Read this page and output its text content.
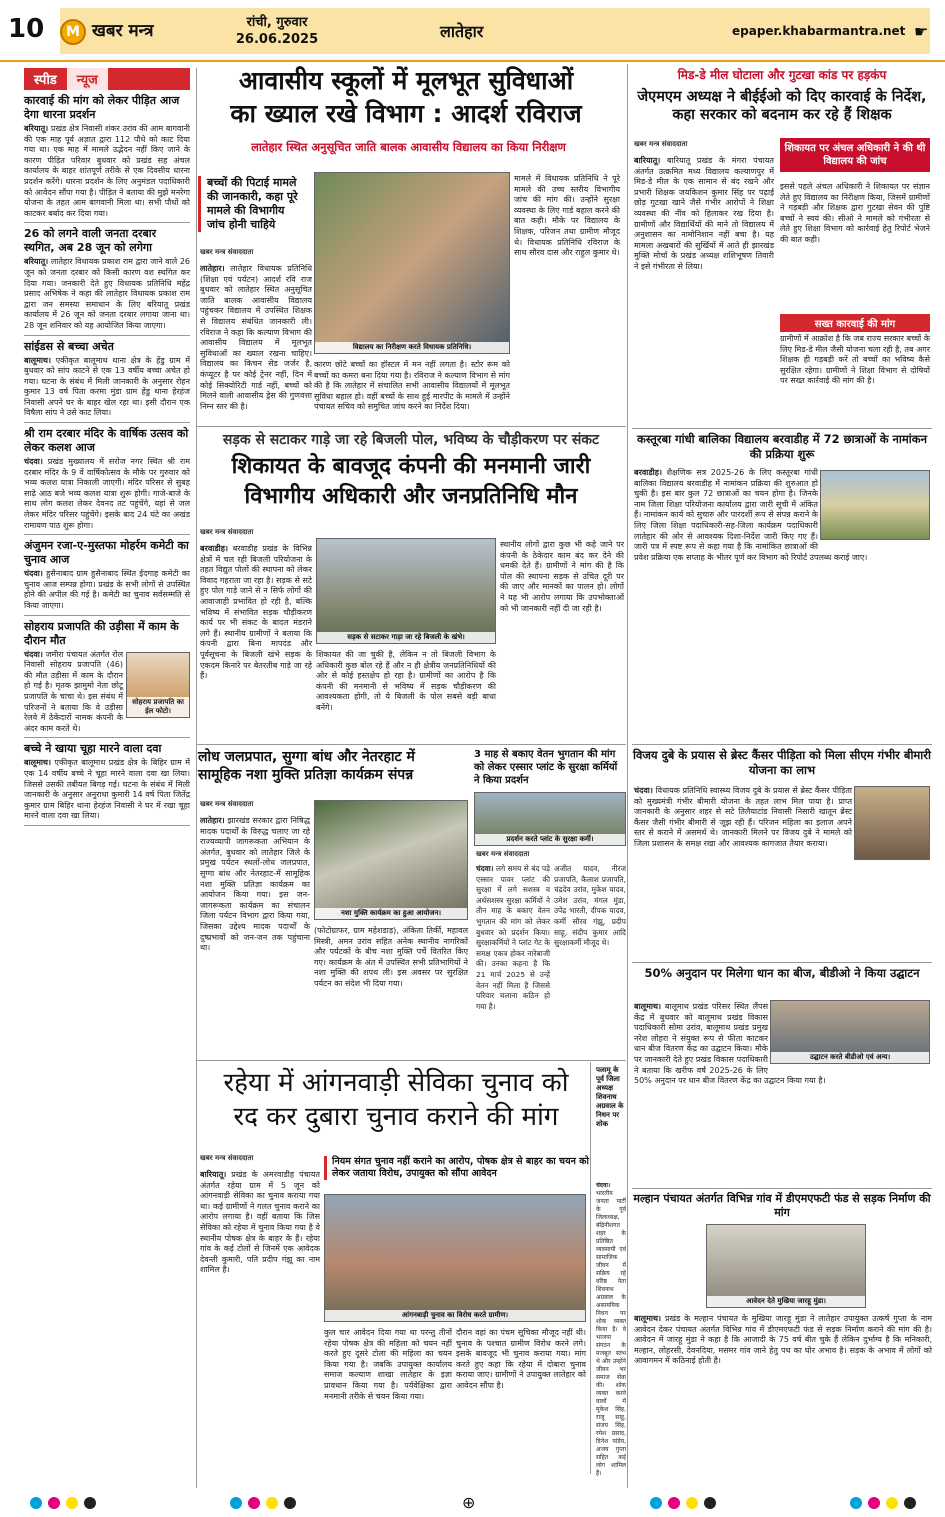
10	M खबर मन्त्र	रांची, गुरुवार
26.06.2025	लातेहार	epaper.khabarmantra.net ☛
स्पीड	न्यूज
कारवाई की मांग को लेकर पीड़ित आज देगा धारना प्रदर्शन
बरियातू। प्रखंड क्षेत्र निवासी शंकर उरांव की आम बागवानी की एक माह पूर्व अज्ञात द्वारा 112 पौधे को काट दिया गया था। एक माह में मामले उद्भेदन नहीं किए जाने के कारण पीड़ित परिवार बुधवार को प्रखंड सह अंचल कार्यालय के बाहर शांतपूर्ण तरीके से एक दिवसीय धारना प्रदर्शन करेंगे। धारना प्रदर्शन के लिए अनुमंडल पदाधिकारी को आवेदन सौंपा गया है। पीड़ित ने बताया की मुझे मनरेगा योजना के तहत आम बागवानी मिला था। सभी पौधों को काटकर बर्बाद कर दिया गया।
26 को लगने वाली जनता दरबार स्थगित, अब 28 जून को लगेगा
बरियातू। लातेहार विधायक प्रकाश राम द्वारा जाने वाले 26 जून को जनता दरबार को किसी कारण वश स्थगित कर दिया गया। जनकारी देते हुए विधायक प्रतिनिधि महेंद्र प्रसाद अभिषेक ने कहा की लातेहार विधायक प्रकाश राम द्वारा जन समस्या समाधान के लिए बरियातू प्रखंड कार्यालय में 26 जून को जनता दरबार लगाया जाना था। 28 जून शनिवार को यह आयोजित किया जाएगा।
सांईडस से बच्चा अचेत
बालूमाथ। एकीकृत बालूमाथ थाना क्षेत्र के हेंडु ग्राम में बुधवार को सांप काटने से एक 13 वर्षीय बच्चा अचेत हो गया। घटना के संबंध में मिली जानकारी के अनुसार रोहन कुमार 13 वर्ष पिता करमा मुंडा ग्राम हेंडु थाना हेरहंज निवासी अपने घर के बाहर खेल रहा था। इसी दौरान एक विषैला सांप ने उसे काट लिया।
श्री राम दरबार मंदिर के वार्षिक उत्सव को लेकर कलश आज
चंदवा। प्रखंड मुख्यालय में सरोज नगर स्थित श्री राम दरबार मंदिर के 9 वें वार्षिकोत्सव के मौके पर गुरुवार को भव्य कलश यात्रा निकाली जाएगी। मंदिर परिसर से सुबह साढ़े आठ बजे भव्य कलश यात्रा शुरू होगी। गाजे-बाजे के साथ लोग कलश लेकर देवनद तट पहुंचेंगे, यहां से जल लेकर मंदिर परिसर पहुंचेंगे। इसके बाद 24 घंटे का अखंड रामायण पाठ शुरू होगा।
अंजुमन रजा-ए-मुस्तफा मोहर्रम कमेटी का चुनाव आज
चंदवा। हुसैनाबाद ग्राम हुसैनाबाद स्थित ईदगाह कमेटी का चुनाव आज सम्पन्न होगा। प्रखंड के सभी लोगों से उपस्थित होने की अपील की गई है। कमेटी का चुनाव सर्वसम्मति से किया जाएगा।
सोहराय प्रजापति की उड़ीसा में काम के दौरान मौत
सोहराय प्रजापति का ईल फोटो।
चंदवा। जमीरा पंचायत अंतर्गत रोल निवासी सोहराय प्रजापति (46) की मौत उड़ीसा में काम के दौरान हो गई है। मृतक झामुमो नेता छोटू प्रजापति के चाचा थे। इस संबंध में परिजनों ने बताया कि वे उड़ीसा रेलवे में ठेकेदारों नामक कंपनी के अंदर काम करते थे।
बच्चे ने खाया चूहा मारने वाला दवा
बालूमाथ। एकीकृत बालूमाथ प्रखंड क्षेत्र के बिहिर ग्राम में एक 14 वर्षीय बच्चे ने चूहा मारने वाला दवा खा लिया। जिससे उसकी तबीयत बिगड़ गई। घटना के संबंध में मिली जानकारी के अनुसार अनुराधा कुमारी 14 वर्ष पिता जितेंद्र कुमार ग्राम बिहिर थाना हेरहंज निवासी ने घर में रखा चूहा मारने वाला दवा खा लिया।
आवासीय स्कूलों में मूलभूत सुविधाओं
का ख्याल रखे विभाग : आदर्श रविराज
लातेहार स्थित अनुसूचित जाति बालक आवासीय विद्यालय का किया निरीक्षण
बच्चों की पिटाई मामले की जानकारी, कहा पूरे मामले की विभागीय जांच होनी चाहिये
खबर मन्त्र संवाददाता
लातेहार। लातेहार विधायक प्रतिनिधि (शिक्षा एवं पर्यटन) आदर्श रवि राज बुधवार को लातेहार स्थित अनुसूचित जाति बालक आवासीय विद्यालय पहुंचकर विद्यालय में उपस्थित शिक्षक से विद्यालय संबंधित जानकारी ली। रविराज ने कहा कि कल्याण विभाग की आवासीय विद्यालय में मूलभूत सुविधाओं का ख्याल रखना चाहिए। विद्यालय का किचन सेड जर्जर है, कंप्यूटर है पर कोई ट्रेनर नहीं, दिन में कोई सिक्योरिटी गार्ड नहीं, बच्चों को मिलने वाली आवासीय ड्रेस की गुणवत्ता निम्न स्तर की है।
विद्यालय का निरीक्षण करते विधायक प्रतिनिधि।
कारण छोटे बच्चों का हॉस्टल में मन नहीं लगता है। स्टोर रूम को बच्चों का कमरा बना दिया गया है। रविराज ने कल्याण विभाग से मांग की है कि लातेहार में संचालित सभी आवासीय विद्यालयों में मूलभूत सुविधा बहाल हो। वहीं बच्चों के साथ हुई मारपीट के मामले में उन्होंने पंचायत सचिव को समुचित जांच करने का निर्देश दिया।
मामले में विधायक प्रतिनिधि ने पूरे मामले की उच्च स्तरीय विभागीय जांच की मांग की। उन्होंने सुरक्षा व्यवस्था के लिए गार्ड बहाल करने की बात कही। मौके पर विद्यालय के शिक्षक, परिजन तथा ग्रामीण मौजूद थे। विधायक प्रतिनिधि रविराज के साथ सौरव दास और राहुल कुमार थे।
मिड-डे मील घोटाला और गुटखा कांड पर हड़कंप
जेएमएम अध्यक्ष ने बीईईओ को दिए कारवाई के निर्देश, कहा सरकार को बदनाम कर रहे हैं शिक्षक
खबर मन्त्र संवाददाता
बारियातू। बारियातू प्रखंड के मंगरा पंचायत अंतर्गत उत्क्रमित मध्य विद्यालय कल्याणपुर में मिड-डे मील के एक सामान से बंद रखने और प्रभारी शिक्षक जयकिशन कुमार सिंह पर पढ़ाई छोड़ गुटखा खाने जैसे गंभीर आरोपों ने शिक्षा व्यवस्था की नींव को हिलाकर रख दिया है। ग्रामीणों और विद्यार्थियों की माने तो विद्यालय में अनुशासन का नामोनिशान नहीं बचा है। यह मामला अखबारों की सुर्खियों में आते ही झारखंड मुक्ति मोर्चा के प्रखंड अध्यक्ष शशिभूषण तिवारी ने इसे गंभीरता से लिया।
शिकायत पर अंचल अधिकारी ने की थी विद्यालय की जांच
इससे पहले अंचल अधिकारी ने शिकायत पर संज्ञान लेते हुए विद्यालय का निरीक्षण किया, जिसमें ग्रामीणों ने गड़बड़ी और शिक्षक द्वारा गुटखा सेवन की पुष्टि बच्चों ने स्वयं की। सीओ ने मामले को गंभीरता से लेते हुए शिक्षा विभाग को कार्रवाई हेतु रिपोर्ट भेजने की बात कही।
सख्त कारवाई की मांग
ग्रामीणों में आक्रोश है कि जब राज्य सरकार बच्चों के लिए मिड-डे मील जैसी योजना चला रही है, तब अगर शिक्षक ही गड़बड़ी करें तो बच्चों का भविष्य कैसे सुरक्षित रहेगा। ग्रामीणों ने शिक्षा विभाग से दोषियों पर सख्त कार्रवाई की मांग की है।
सड़क से सटाकर गाड़े जा रहे बिजली पोल, भविष्य के चौड़ीकरण पर संकट
शिकायत के बावजूद कंपनी की मनमानी जारी
विभागीय अधिकारी और जनप्रतिनिधि मौन
खबर मन्त्र संवाददाता
बरवाडीह। बरवाडीह प्रखंड के विभिन्न क्षेत्रों में चल रही बिजली परियोजना के तहत विद्युत पोलों की स्थापना को लेकर विवाद गहराता जा रहा है। सड़क से सटे हुए पोल गाड़े जाने से न सिर्फ लोगों की आवाजाही प्रभावित हो रही है, बल्कि भविष्य में संभावित सड़क चौड़ीकरण कार्य पर भी संकट के बादल मंडराने लगे हैं। स्थानीय ग्रामीणों ने बताया कि कंपनी द्वारा बिना मापदंड और पूर्वसूचना के बिजली खंभे सड़क के एकदम किनारे पर बेतरतीब गाड़े जा रहे हैं।
सड़क से सटाकर गाड़ा जा रहे बिजली के खंभे।
शिकायत की जा चुकी है, लेकिन न तो बिजली विभाग के अधिकारी कुछ बोल रहे हैं और न ही क्षेत्रीय जनप्रतिनिधियों की ओर से कोई हस्तक्षेप हो रहा है। ग्रामीणों का आरोप है कि कंपनी की मनमानी से भविष्य में सड़क चौड़ीकरण की आवश्यकता होगी, तो ये बिजली के पोल सबसे बड़ी बाधा बनेंगे।
स्थानीय लोगों द्वारा कुछ भी कहे जाने पर कंपनी के ठेकेदार काम बंद कर देने की धमकी देते हैं। ग्रामीणों ने मांग की है कि पोल की स्थापना सड़क से उचित दूरी पर की जाए और मानकों का पालन हो। लोगों ने यह भी आरोप लगाया कि उपभोक्ताओं को भी जानकारी नहीं दी जा रही है।
कस्तूरबा गांधी बालिका विद्यालय बरवाडीह में 72 छात्राओं के नामांकन की प्रक्रिया शुरू
बरवाडीह। शैक्षणिक सत्र 2025-26 के लिए कस्तूरबा गांधी बालिका विद्यालय बरवाडीह में नामांकन प्रक्रिया की शुरुआत हो चुकी है। इस बार कुल 72 छात्राओं का चयन होगा है। जिनके नाम जिला शिक्षा परियोजना कार्यालय द्वारा जारी सूची में अंकित हैं। नामांकन कार्य को सुचारु और पारदर्शी रूप से संपन्न कराने के लिए जिला शिक्षा पदाधिकारी-सह-जिला कार्यक्रम पदाधिकारी लातेहार की ओर से आवश्यक दिशा-निर्देश जारी किए गए हैं। जारी पत्र में स्पष्ट रूप से कहा गया है कि नामांकित छात्राओं की प्रवेश प्रक्रिया एक सप्ताह के भीतर पूर्ण कर विभाग को रिपोर्ट उपलब्ध कराई जाए।
लोध जलप्रपात, सुग्गा बांध और नेतरहाट में
सामूहिक नशा मुक्ति प्रतिज्ञा कार्यक्रम संपन्न
खबर मन्त्र संवाददाता
लातेहार। झारखंड सरकार द्वारा निषिद्ध मादक पदार्थों के विरुद्ध चलाए जा रहे राज्यव्यापी जागरूकता अभियान के अंतर्गत, बुधवार को लातेहार जिले के प्रमुख पर्यटन स्थलों-लोध जलप्रपात, सुग्गा बांध और नेतरहाट-में सामूहिक नशा मुक्ति प्रतिज्ञा कार्यक्रम का आयोजन किया गया। इस जन-जागरूकता कार्यक्रम का संचालन जिला पर्यटन विभाग द्वारा किया गया, जिसका उद्देश्य मादक पदार्थों के दुष्प्रभावों को जन-जन तक पहुंचाना था।
नशा मुक्ति कार्यक्रम का हुआ आयोजन।
(फोटोग्राफर, ग्राम महेशडाड़), अंकिता तिर्की, महावल मिस्त्री, अमन उरांव सहित अनेक स्थानीय नागरिकों और पर्यटकों के बीच नशा मुक्ति पर्चे वितरित किए गए। कार्यक्रम के अंत में उपस्थित सभी प्रतिभागियों ने नशा मुक्ति की शपथ ली। इस अवसर पर सुरक्षित पर्यटन का संदेश भी दिया गया।
3 माह से बकाए वेतन भुगतान की मांग को लेकर एस्सार प्लांट के सुरक्षा कर्मियों ने किया प्रदर्शन
प्रदर्शन करते प्लांट के सुरक्षा कर्मी।
खबर मन्त्र संवाददाता
चंदवा। लगे समय से बंद पड़े एस्सार पावर प्लांट की सुरक्षा में लगे सशस्त्र व अर्धसशस्त्र सुरक्षा कर्मियों ने तीन माह के बकाए वेतन भुगतान की मांग को लेकर बुधवार को प्रदर्शन किया। सुरक्षाकर्मियों ने प्लांट गेट के समक्ष एकत्र होकर नारेबाजी की। उनका कहना है कि 21 मार्च 2025 से उन्हें वेतन नहीं मिला है जिससे परिवार चलाना कठिन हो गया है।
अजीत यादव, नीरज प्रजापति, कैलाश प्रजापति, चंद्रदेव उरांव, मुकेश यादव, उमेश उरांव, मंगल मुंडा, उपेंद्र भारती, दीपक यादव, कर्मी सौरव गंझू, प्रदीप साहू, संदीप कुमार आदि सुरक्षाकर्मी मौजूद थे।
विजय दुबे के प्रयास से ब्रेस्ट कैंसर पीड़िता को मिला सीएम गंभीर बीमारी योजना का लाभ
चंदवा। विधायक प्रतिनिधि स्वास्थ्य विजय दुबे के प्रयास से ब्रेस्ट कैंसर पीड़िता को मुख्यमंत्री गंभीर बीमारी योजना के तहत लाभ मिल पाया है। प्राप्त जानकारी के अनुसार शहर से सटे तिलैयाटांड निवासी निसारी खातून ब्रेस्ट कैंसर जैसी गंभीर बीमारी से जूझ रही हैं। परिजन महिला का इलाज अपने स्तर से कराने में असमर्थ थे। जानकारी मिलने पर विजय दुबे ने मामले को जिला प्रशासन के समक्ष रखा और आवश्यक कागजात तैयार कराया।
50% अनुदान पर मिलेगा धान का बीज, बीडीओ ने किया उद्घाटन
उद्घाटन करते बीडीओ एवं अन्य।
बालूमाथ। बालूमाथ प्रखंड परिसर स्थित लैंपस केंद्र में बुधवार को बालूमाथ प्रखंड विकास पदाधिकारी सोमा उरांव, बालूमाथ प्रखंड प्रमुख नरेश लोहरा ने संयुक्त रूप से फीता काटकर धान बीज वितरण केंद्र का उद्घाटन किया। मौके पर जानकारी देते हुए प्रखंड विकास पदाधिकारी ने बताया कि खरीफ वर्ष 2025-26 के लिए 50% अनुदान पर धान बीज वितरण केंद्र का उद्घाटन किया गया है।
रहेया में आंगनवाड़ी सेविका चुनाव को
रद कर दुबारा चुनाव कराने की मांग
खबर मन्त्र संवाददाता
बारियातू। प्रखंड के अमरवाडीह पंचायत अंतर्गत रहेया ग्राम में 5 जून को आंगनवाड़ी सेविका का चुनाव कराया गया था। कई ग्रामीणों ने गलत चुनाव कराने का आरोप लगाया है। वहीं बताया कि जिस सेविका को रहेया में चुनाव किया गया है वे स्थानीय पोषक क्षेत्र के बाहर के हैं। रहेया गांव के कई टोलों से जिनमें एक आवेदक देवन्ती कुमारी, पति प्रदीप गंझू का नाम शामिल है।
नियम संगत चुनाव नहीं कराने का आरोप, पोषक क्षेत्र से बाहर का चयन को लेकर जताया विरोध, उपायुक्त को सौंपा आवेदन
आंगनबाड़ी चुनाव का विरोध करते ग्रामीण।
कुल चार आवेदन दिया गया था परन्तु तीनों रहेया पोषक क्षेत्र की महिला को चयन नहीं करते हुए दूसरे टोला की महिला का चयन किया गया है। जबकि उपायुक्त कार्यालय समाज कल्याण शाखा लातेहार के इज्ञा प्रावधान किया गया है। पर्यवेक्षिका द्वारा मनमानी तरीके से चयन किया गया।
दौरान वहां का पंचम सूचिका मौजूद नहीं थी। चुनाव के पश्चात ग्रामीण विरोध करने लगे। इसके बावजूद भी चुनाव कराया गया। मांग करते हुए कहा कि रहेया में दोबारा चुनाव कराया जाए। ग्रामीणों ने उपायुक्त लातेहार को आवेदन सौंपा है।
मल्हान पंचायत अंतर्गत विभिन्न गांव में डीएमएफटी फंड से सड़क निर्माण की मांग
आवेदन देते मुखिया जारहू मुंडा।
बालूमाथ। प्रखंड के मल्हान पंचायत के मुखिया जारहू मुंडा ने लातेहार उपायुक्त उत्कर्ष गुप्ता के नाम आवेदन देकर पंचायत अंतर्गत विभिन्न गांव में डीएमएफटी फंड से सड़क निर्माण कराने की मांग की है। आवेदन में जारहू मुंडा ने कहा है कि आजादी के 75 वर्ष बीत चुके हैं लेकिन दुर्भाग्य है कि मनिकारी, मल्हान, लोहरसी, देवनदिया, मसमर गांव जाने हेतु पथ का घोर अभाव है। सड़क के अभाव में लोगों को आवागमन में कठिनाई होती है।
⊕
पलामू के पूर्व जिला अध्यक्ष शिवनाथ अग्रवाल के निधन पर शोक
चंदवा। भारतीय जनता पार्टी के पूर्व जिलाध्यक्ष, बंद्रिनीशगत शहर के प्रतिष्ठित व्यवसायी एवं सामाजिक जीवन में सक्रिय रहे वरिष्ठ नेता शिवनाथ अग्रवाल के असामयिक निधन पर शोक व्यक्त किया है। वे भाजपा संगठन के मजबूत स्तंभ थे और उन्होंने जीवन भर समाज सेवा की। शोक व्यक्त करने वालों में मुकेश सिंह, राजू साहू, संजय सिंह, रमेश प्रसाद, दिनेश पांडेय, अजय गुप्ता सहित कई लोग शामिल हैं।
